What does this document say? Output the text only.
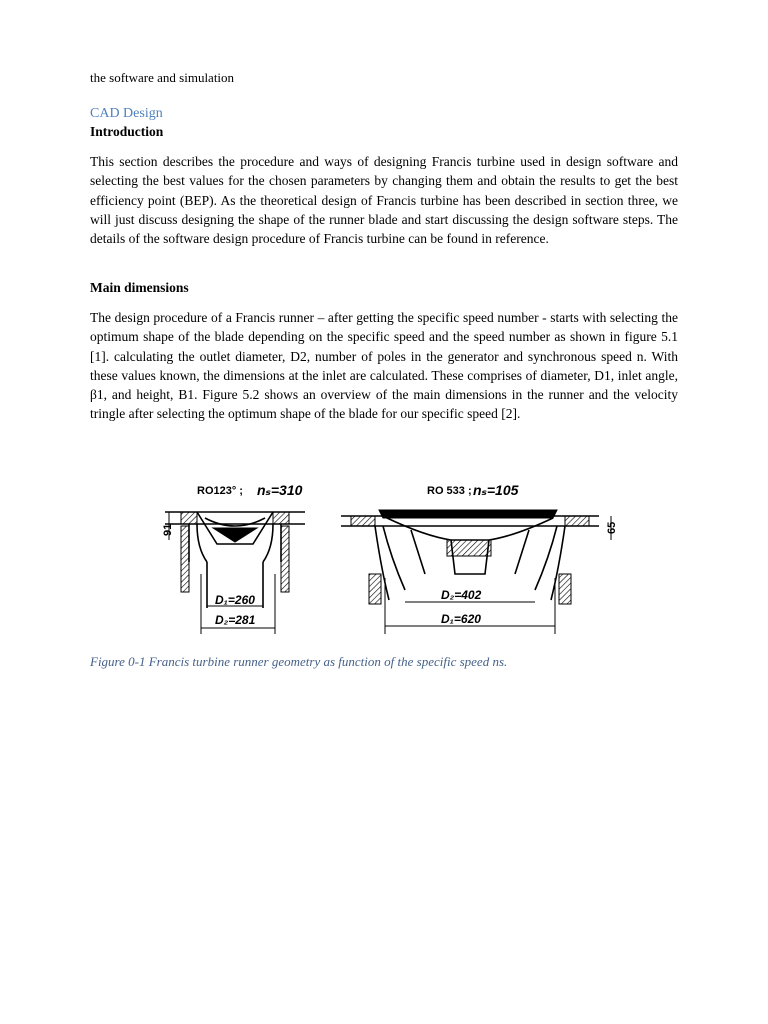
the software and simulation
CAD Design
Introduction

This section describes the procedure and ways of designing Francis turbine used in design software and selecting the best values for the chosen parameters by changing them and obtain the results to get the best efficiency point (BEP). As the theoretical design of Francis turbine has been described in section three, we will just discuss designing the shape of the runner blade and start discussing the design software steps. The details of the software design procedure of Francis turbine can be found in reference.

Main dimensions

The design procedure of a Francis runner – after getting the specific speed number - starts with selecting the optimum shape of the blade depending on the specific speed and the speed number as shown in figure 5.1 [1]. calculating the outlet diameter, D2, number of poles in the generator and synchronous speed n. With these values known, the dimensions at the inlet are calculated. These comprises of diameter, D1, inlet angle, β1, and height, B1. Figure 5.2 shows an overview of the main dimensions in the runner and the velocity tringle after selecting the optimum shape of the blade for our specific speed [2].

RO123° ; nₛ=310
91
D₁=260
D₂=281
RO 533 ; nₛ=105
65
D₂=402
D₁=620
Figure 0-1 Francis turbine runner geometry as function of the specific speed ns.
